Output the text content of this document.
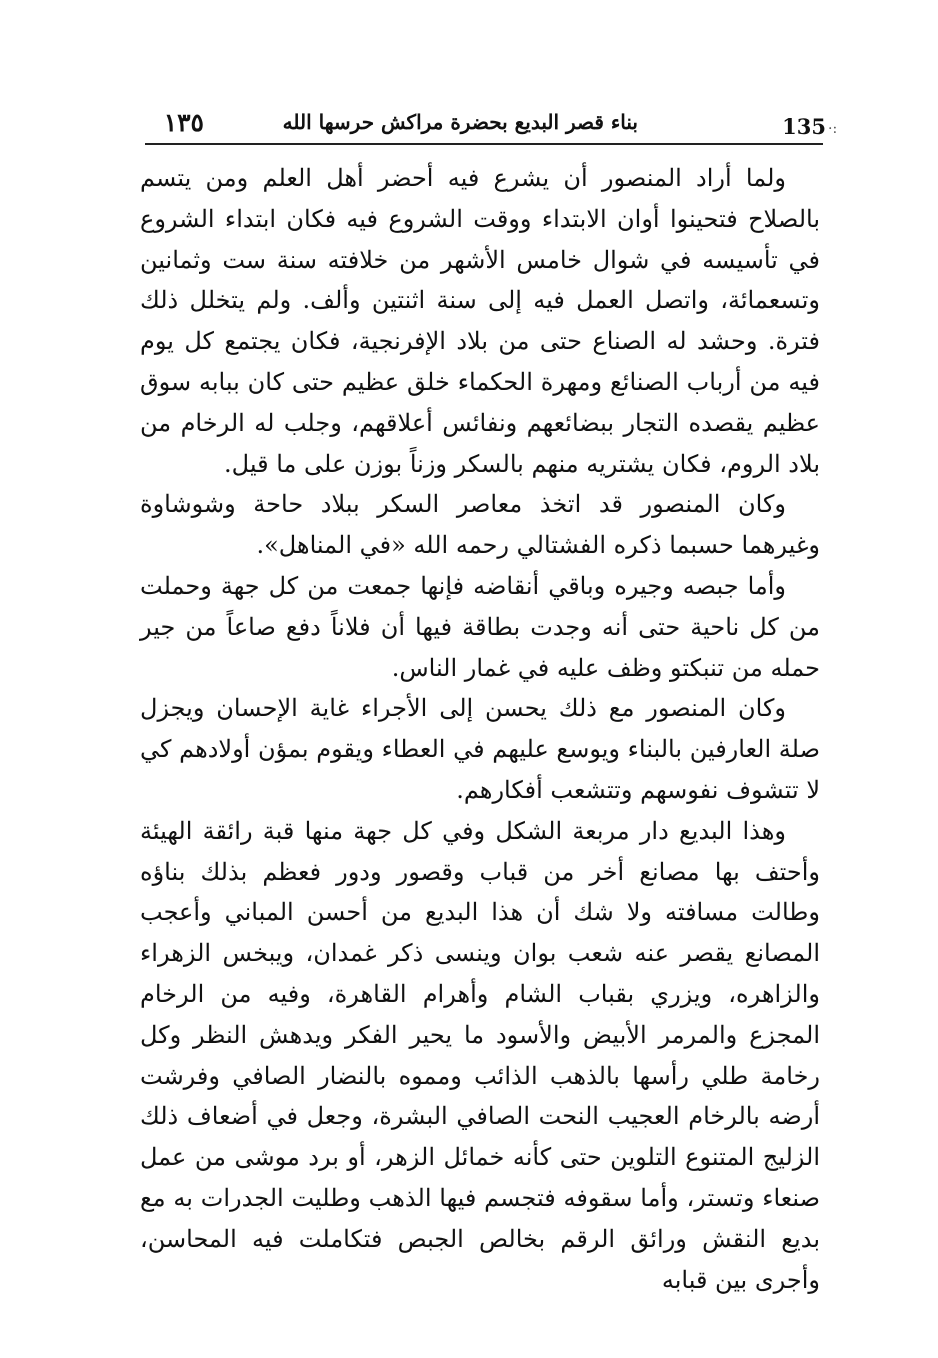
١٣٥	بناء قصر البديع بحضرة مراكش حرسها الله	135 ·:

ولما أراد المنصور أن يشرع فيه أحضر أهل العلم ومن يتسم بالصلاح فتحينوا أوان الابتداء ووقت الشروع فيه فكان ابتداء الشروع في تأسيسه في شوال خامس الأشهر من خلافته سنة ست وثمانين وتسعمائة، واتصل العمل فيه إلى سنة اثنتين وألف. ولم يتخلل ذلك فترة. وحشد له الصناع حتى من بلاد الإفرنجية، فكان يجتمع كل يوم فيه من أرباب الصنائع ومهرة الحكماء خلق عظيم حتى كان ببابه سوق عظيم يقصده التجار ببضائعهم ونفائس أعلاقهم، وجلب له الرخام من بلاد الروم، فكان يشتريه منهم بالسكر وزناً بوزن على ما قيل.

وكان المنصور قد اتخذ معاصر السكر ببلاد حاحة وشوشاوة وغيرهما حسبما ذكره الفشتالي رحمه الله «في المناهل».

وأما جبصه وجيره وباقي أنقاضه فإنها جمعت من كل جهة وحملت من كل ناحية حتى أنه وجدت بطاقة فيها أن فلاناً دفع صاعاً من جير حمله من تنبكتو وظف عليه في غمار الناس.

وكان المنصور مع ذلك يحسن إلى الأجراء غاية الإحسان ويجزل صلة العارفين بالبناء ويوسع عليهم في العطاء ويقوم بمؤن أولادهم كي لا تتشوف نفوسهم وتتشعب أفكارهم.

وهذا البديع دار مربعة الشكل وفي كل جهة منها قبة رائقة الهيئة وأحتف بها مصانع أخر من قباب وقصور ودور فعظم بذلك بناؤه وطالت مسافته ولا شك أن هذا البديع من أحسن المباني وأعجب المصانع يقصر عنه شعب بوان وينسى ذكر غمدان، ويبخس الزهراء والزاهره، ويزري بقباب الشام وأهرام القاهرة، وفيه من الرخام المجزع والمرمر الأبيض والأسود ما يحير الفكر ويدهش النظر وكل رخامة طلي رأسها بالذهب الذائب ومموه بالنضار الصافي وفرشت أرضه بالرخام العجيب النحت الصافي البشرة، وجعل في أضعاف ذلك الزليج المتنوع التلوين حتى كأنه خمائل الزهر، أو برد موشى من عمل صنعاء وتستر، وأما سقوفه فتجسم فيها الذهب وطليت الجدرات به مع بديع النقش ورائق الرقم بخالص الجبص فتكاملت فيه المحاسن، وأجرى بين قبابه
